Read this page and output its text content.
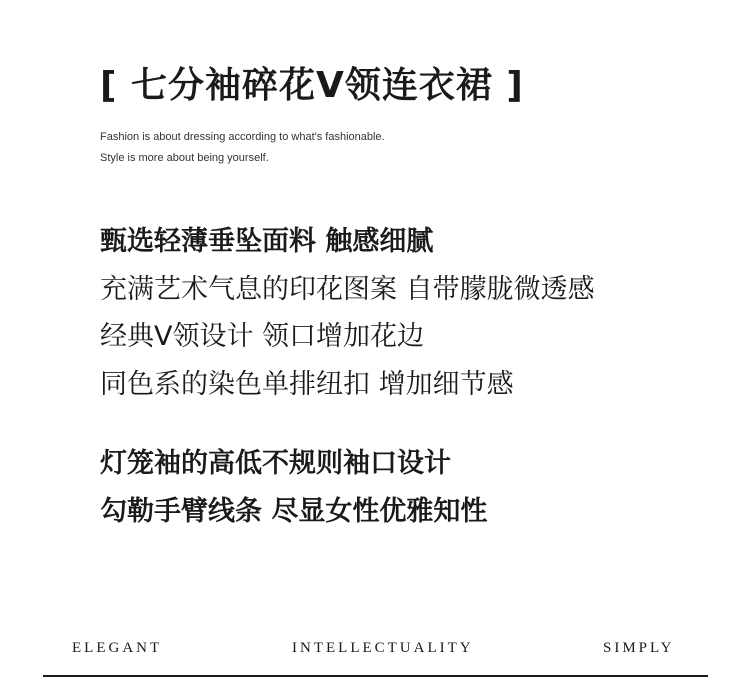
[ 七分袖碎花V领连衣裙 ]
Fashion is about dressing according to what's fashionable.
Style is more about being yourself.
甄选轻薄垂坠面料 触感细腻
充满艺术气息的印花图案 自带朦胧微透感
经典V领设计 领口增加花边
同色系的染色单排纽扣 增加细节感
灯笼袖的高低不规则袖口设计
勾勒手臂线条 尽显女性优雅知性
ELEGANT	INTELLECTUALITY	SIMPLY
